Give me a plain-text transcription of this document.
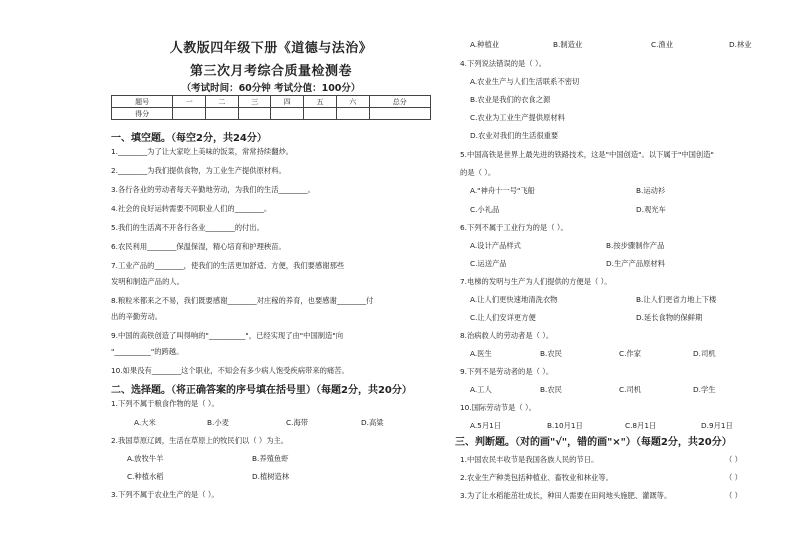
人教版四年级下册《道德与法治》
第三次月考综合质量检测卷
（考试时间：60分钟 考试分值：100分）
题号	一	二	三	四	五	六	总分
得分							
一、填空题。（每空2分，共24分）
1.________为了让大家吃上美味的饭菜，常常持续翻炒。
2.________为我们提供食物，为工业生产提供原材料。
3.各行各业的劳动者每天辛勤地劳动，为我们的生活________。
4.社会的良好运转需要不同职业人们的________。
5.我们的生活离不开各行各业________的付出。
6.农民利用________保温保湿，精心培育和护理秧苗。
7.工业产品的________，使我们的生活更加舒适、方便，我们要感谢那些
发明和制造产品的人。
8.粮粒米都来之不易，我们既要感谢________对庄稼的养育，也要感谢________付
出的辛勤劳动。
9.中国的高铁创造了叫得响的"__________"，已经实现了由"中国制造"向
"__________"的跨越。
10.如果没有________这个职业，不知会有多少病人饱受疾病带来的痛苦。
二、选择题。（将正确答案的序号填在括号里）（每题2分，共20分）
1.下列不属于粮食作物的是（ ）。
A.大米	B.小麦	C.海带	D.高粱
2.我国草原辽阔，生活在草原上的牧民们以（ ）为主。
A.放牧牛羊	B.养殖鱼虾
C.种植水稻	D.植树造林
3.下列不属于农业生产的是（ ）。
A.种植业	B.制造业	C.渔业	D.林业
4.下列说法错误的是（ ）。
A.农业生产与人们生活联系不密切
B.农业是我们的衣食之源
C.农业为工业生产提供原材料
D.农业对我们的生活很重要
5.中国高铁是世界上最先进的铁路技术，这是"中国创造"。以下属于"中国创造"
的是（ ）。
A."神舟十一号"飞船	B.运动衫
C.小礼品	D.观光车
6.下列不属于工业行为的是（ ）。
A.设计产品样式	B.按步骤制作产品
C.运送产品	D.生产产品原材料
7.电梯的发明与生产为人们提供的方便是（ ）。
A.让人们更快速地清洗衣物	B.让人们更省力地上下楼
C.让人们安详更方便	D.延长食物的保鲜期
8.治病救人的劳动者是（ ）。
A.医生	B.农民	C.作家	D.司机
9.下列不是劳动者的是（ ）。
A.工人	B.农民	C.司机	D.学生
10.国际劳动节是（ ）。
A.5月1日	B.10月1日	C.8月1日	D.9月1日
三、判断题。（对的画"√"，错的画"×"）（每题2分，共20分）
1.中国农民丰收节是我国各族人民的节日。	（ ）
2.农业生产种类包括种植业、畜牧业和林业等。	（ ）
3.为了让水稻能茁壮成长，种田人需要在田间地头施肥、灌溉等。	（ ）
